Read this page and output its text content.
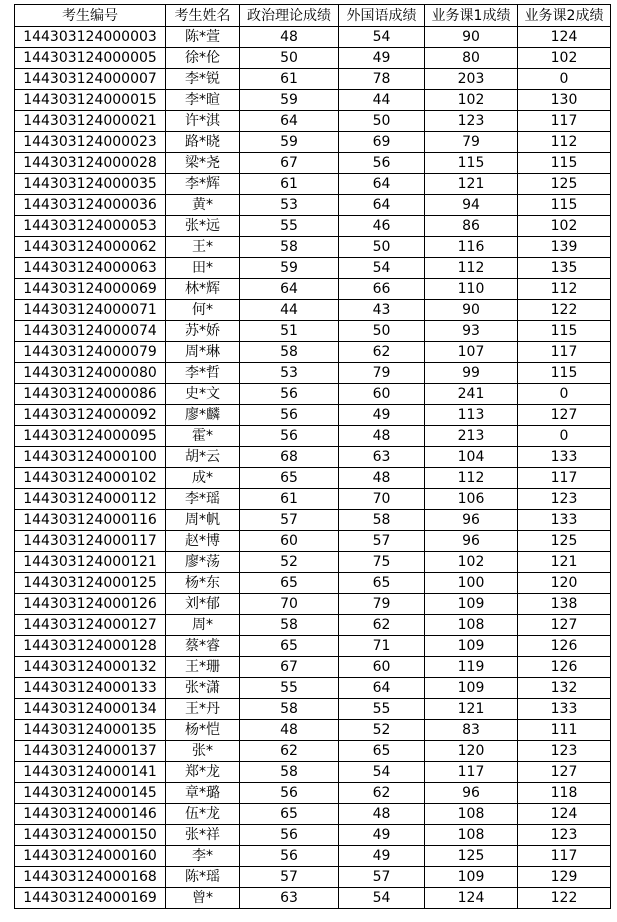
考生编号	考生姓名	政治理论成绩	外国语成绩	业务课1成绩	业务课2成绩
144303124000003	陈*萱	48	54	90	124
144303124000005	徐*伦	50	49	80	102
144303124000007	李*锐	61	78	203	0
144303124000015	李*暄	59	44	102	130
144303124000021	许*淇	64	50	123	117
144303124000023	路*晓	59	69	79	112
144303124000028	梁*尧	67	56	115	115
144303124000035	李*辉	61	64	121	125
144303124000036	黄*	53	64	94	115
144303124000053	张*远	55	46	86	102
144303124000062	王*	58	50	116	139
144303124000063	田*	59	54	112	135
144303124000069	林*辉	64	66	110	112
144303124000071	何*	44	43	90	122
144303124000074	苏*娇	51	50	93	115
144303124000079	周*琳	58	62	107	117
144303124000080	李*哲	53	79	99	115
144303124000086	史*文	56	60	241	0
144303124000092	廖*麟	56	49	113	127
144303124000095	霍*	56	48	213	0
144303124000100	胡*云	68	63	104	133
144303124000102	成*	65	48	112	117
144303124000112	李*瑶	61	70	106	123
144303124000116	周*帆	57	58	96	133
144303124000117	赵*博	60	57	96	125
144303124000121	廖*荡	52	75	102	121
144303124000125	杨*东	65	65	100	120
144303124000126	刘*郁	70	79	109	138
144303124000127	周*	58	62	108	127
144303124000128	蔡*睿	65	71	109	126
144303124000132	王*珊	67	60	119	126
144303124000133	张*潇	55	64	109	132
144303124000134	王*丹	58	55	121	133
144303124000135	杨*恺	48	52	83	111
144303124000137	张*	62	65	120	123
144303124000141	郑*龙	58	54	117	127
144303124000145	章*璐	56	62	96	118
144303124000146	伍*龙	65	48	108	124
144303124000150	张*祥	56	49	108	123
144303124000160	李*	56	49	125	117
144303124000168	陈*瑶	57	57	109	129
144303124000169	曾*	63	54	124	122
